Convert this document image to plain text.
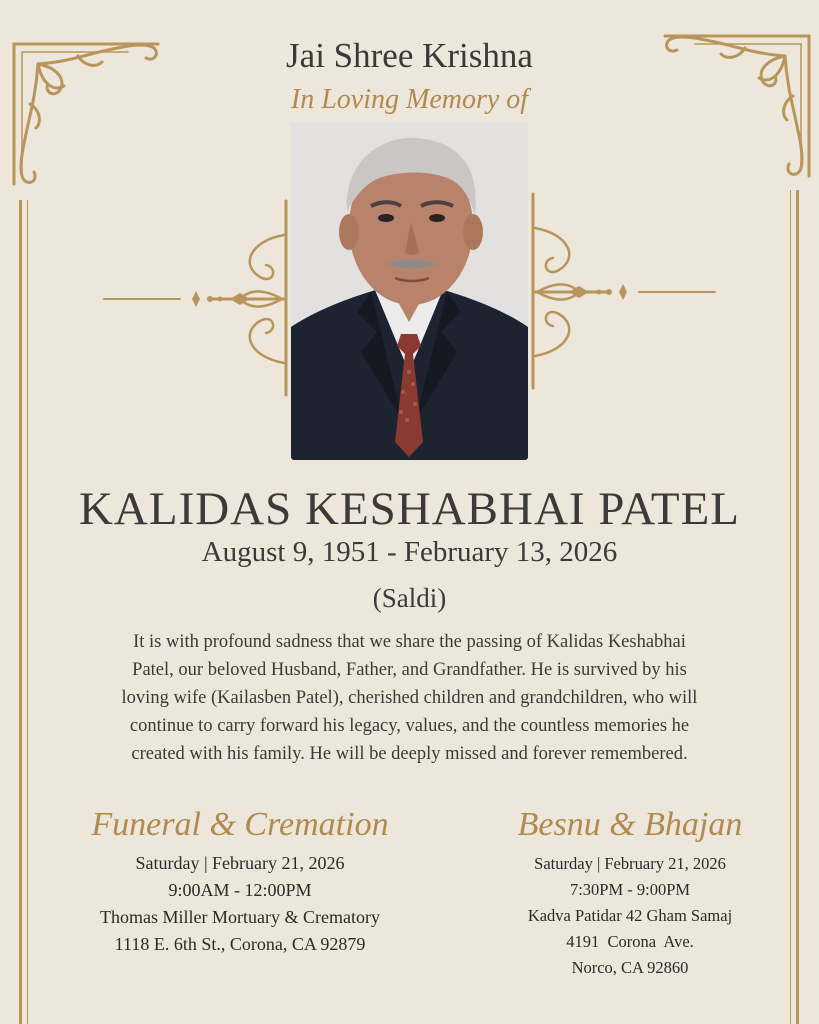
Jai Shree Krishna
In Loving Memory of
KALIDAS KESHABHAI PATEL
August 9, 1951 - February 13, 2026
(Saldi)

It is with profound sadness that we share the passing of Kalidas Keshabhai Patel, our beloved Husband, Father, and Grandfather. He is survived by his loving wife (Kailasben Patel), cherished children and grandchildren, who will continue to carry forward his legacy, values, and the countless memories he created with his family. He will be deeply missed and forever remembered.

Funeral & Cremation
Saturday | February 21, 2026
9:00AM - 12:00PM
Thomas Miller Mortuary & Crematory
1118 E. 6th St., Corona, CA 92879
Besnu & Bhajan
Saturday | February 21, 2026
7:30PM - 9:00PM
Kadva Patidar 42 Gham Samaj
4191  Corona  Ave.
Norco, CA 92860
